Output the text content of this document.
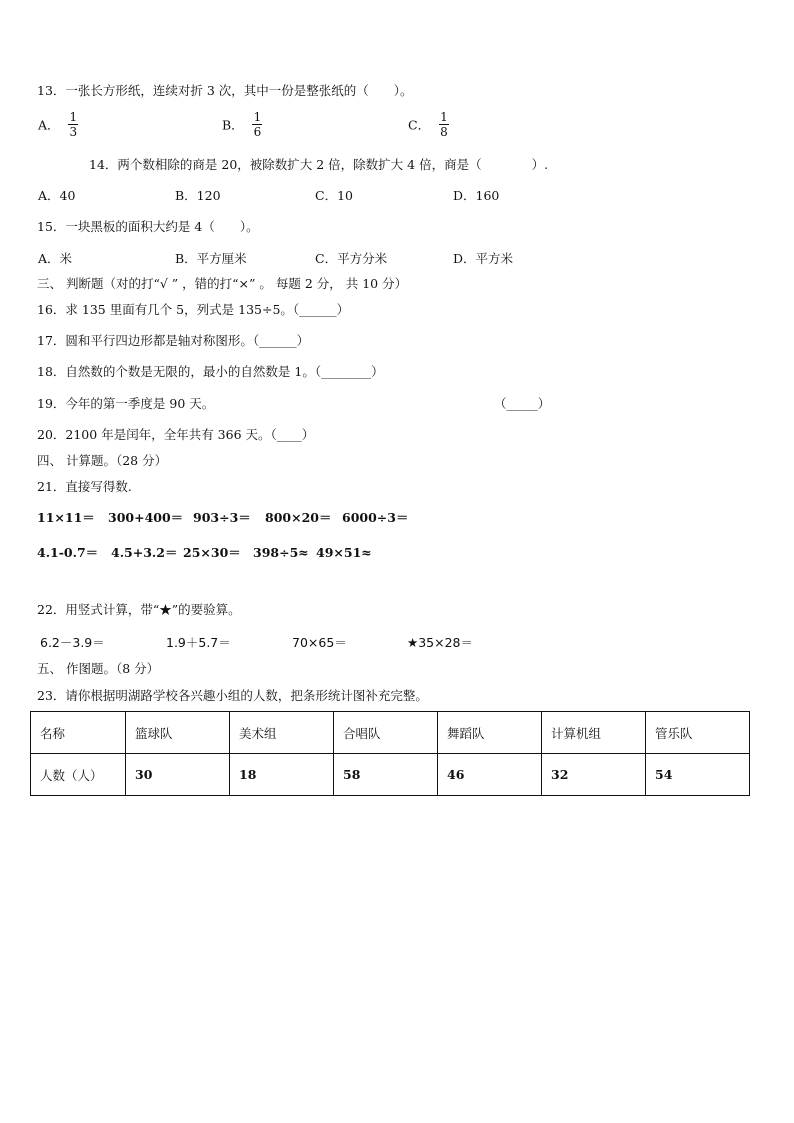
13．一张长方形纸，连续对折 3 次，其中一份是整张纸的（　　）。
A． $\frac{1}{3}$	B． $\frac{1}{6}$	C． $\frac{1}{8}$
14．两个数相除的商是 20，被除数扩大 2 倍，除数扩大 4 倍，商是（　　　　）.
A．40	B．120	C．10	D．160
15．一块黑板的面积大约是 4（　　）。
A．米	B．平方厘米	C．平方分米	D．平方米
三、 判断题（对的打“√ ” ，错的打“×” 。 每题 2 分， 共 10 分）
16．求 135 里面有几个 5，列式是 135÷5。（______）
17．圆和平行四边形都是轴对称图形。（______）
18．自然数的个数是无限的，最小的自然数是 1。（________）
19．今年的第一季度是 90 天。	（_____）
20．2100 年是闰年，全年共有 366 天。（____）
四、 计算题。（28 分）
21．直接写得数.
11×11＝ 300+400＝ 903÷3＝ 800×20＝ 6000÷3＝
4.1-0.7＝ 4.5+3.2＝ 25×30＝ 398÷5≈ 49×51≈
22．用竖式计算，带“★”的要验算。
6.2－3.9＝	1.9＋5.7＝	70×65＝	★35×28＝
五、 作图题。（8 分）
23．请你根据明湖路学校各兴趣小组的人数，把条形统计图补充完整。
名称	篮球队	美术组	合唱队	舞蹈队	计算机组	管乐队
人数（人）	30	18	58	46	32	54
